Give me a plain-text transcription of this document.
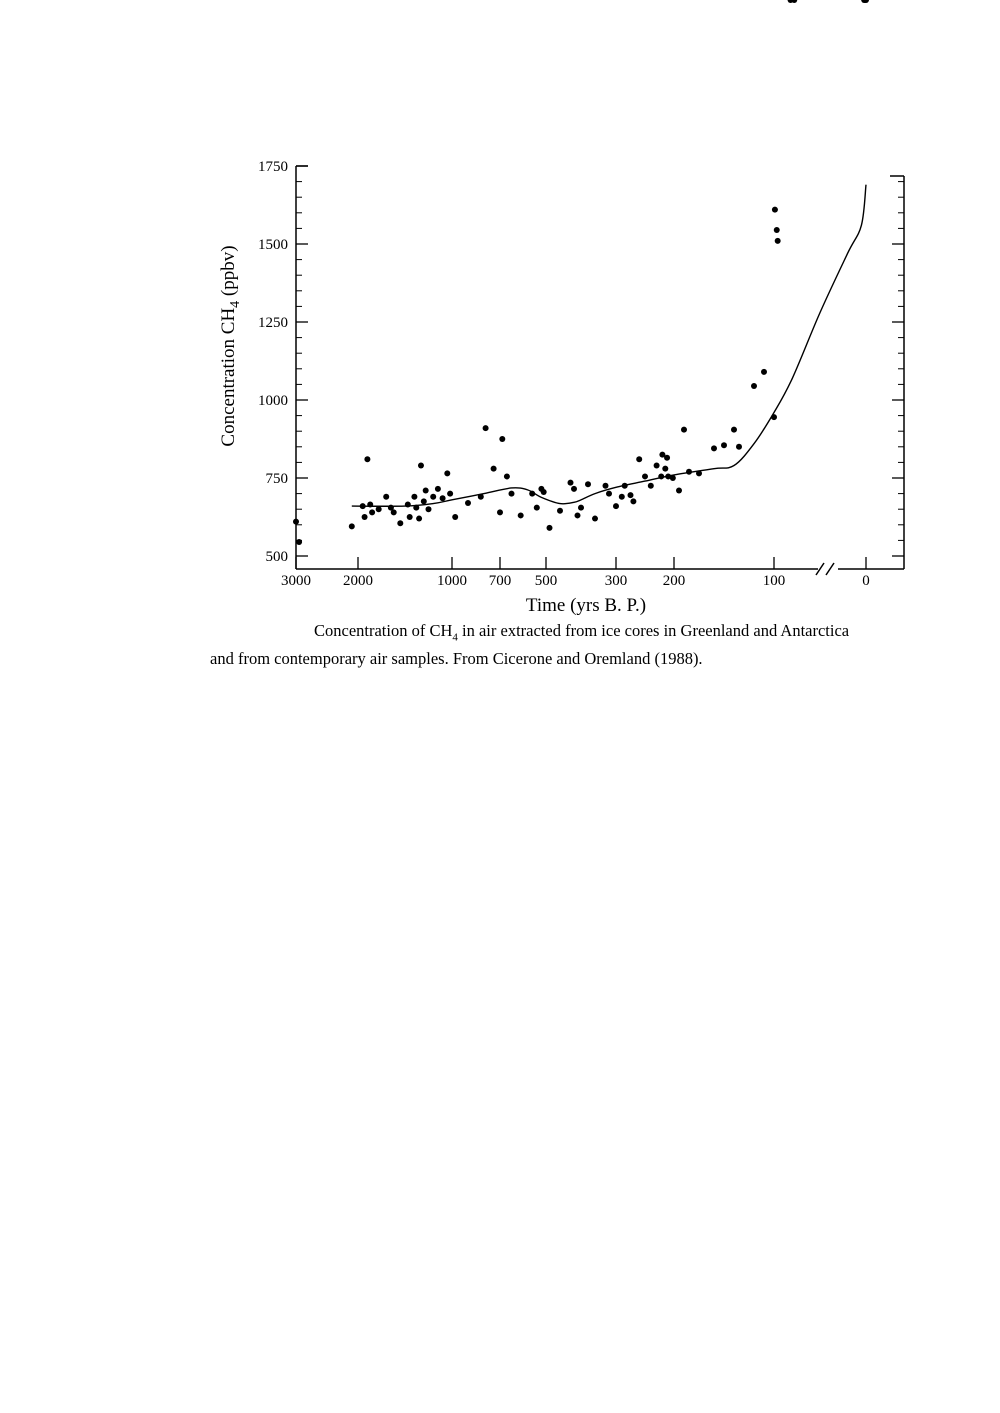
500
750
1000
1250
1500
1750
3000 2000	1000 700 500	300 200	100	0
Time (yrs B. P.)
Concentration $CH_4$ (ppbv)
Concentration of $CH_4$ in air extracted from ice cores in Greenland and Antarctica
and from contemporary air samples. From Cicerone and Oremland (1988).
